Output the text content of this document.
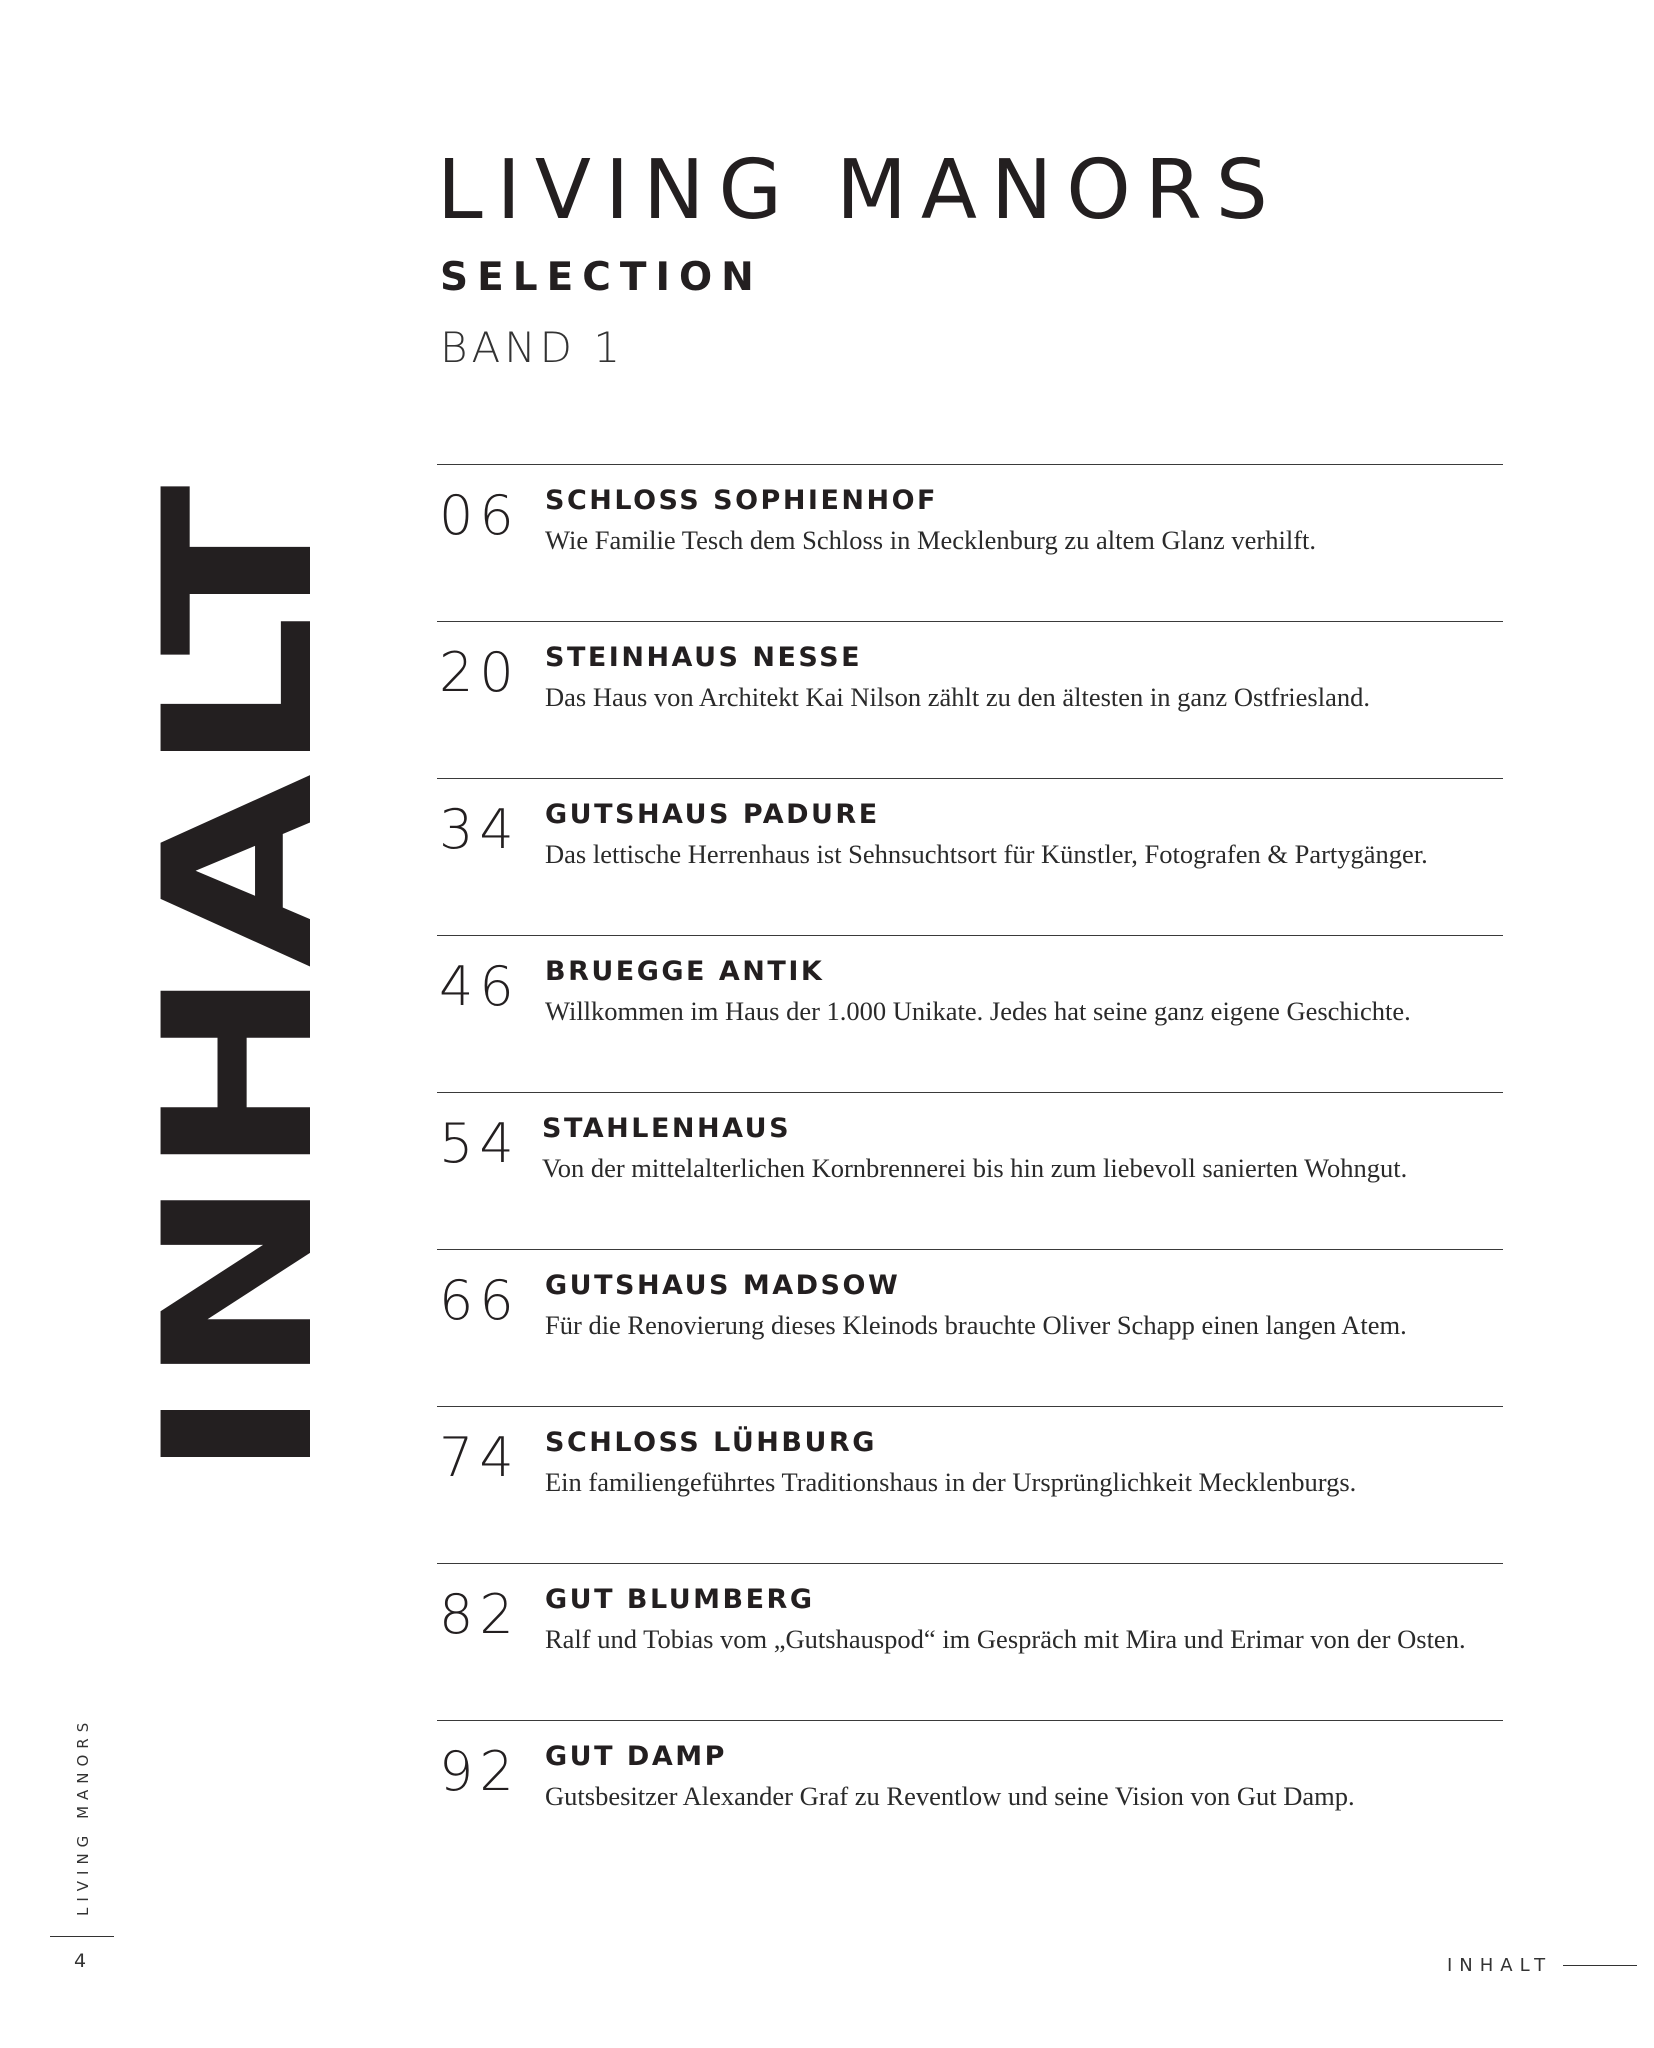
LIVING MANORS
SELECTION
BAND 1
INHALT
06 SCHLOSS SOPHIENHOF
Wie Familie Tesch dem Schloss in Mecklenburg zu altem Glanz verhilft.
20 STEINHAUS NESSE
Das Haus von Architekt Kai Nilson zählt zu den ältesten in ganz Ostfriesland.
34 GUTSHAUS PADURE
Das lettische Herrenhaus ist Sehnsuchtsort für Künstler, Fotografen & Partygänger.
46 BRUEGGE ANTIK
Willkommen im Haus der 1.000 Unikate. Jedes hat seine ganz eigene Geschichte.
54 STAHLENHAUS
Von der mittelalterlichen Kornbrennerei bis hin zum liebevoll sanierten Wohngut.
66 GUTSHAUS MADSOW
Für die Renovierung dieses Kleinods brauchte Oliver Schapp einen langen Atem.
74 SCHLOSS LÜHBURG
Ein familiengeführtes Traditionshaus in der Ursprünglichkeit Mecklenburgs.
82 GUT BLUMBERG
Ralf und Tobias vom „Gutshauspod“ im Gespräch mit Mira und Erimar von der Osten.
92 GUT DAMP
Gutsbesitzer Alexander Graf zu Reventlow und seine Vision von Gut Damp.
LIVING MANORS
4	INHALT
